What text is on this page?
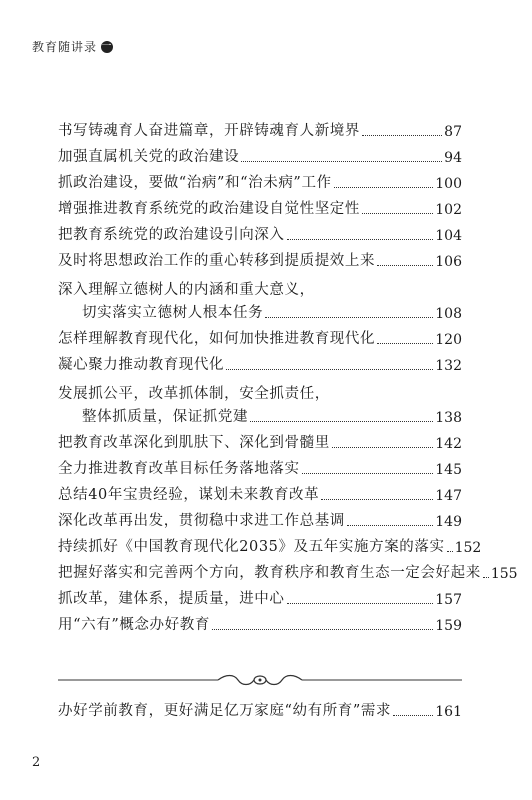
教育随讲录 一
书写铸魂育人奋进篇章，开辟铸魂育人新境界	87
加强直属机关党的政治建设	94
抓政治建设，要做“治病”和“治未病”工作	100
增强推进教育系统党的政治建设自觉性坚定性	102
把教育系统党的政治建设引向深入	104
及时将思想政治工作的重心转移到提质提效上来	106
深入理解立德树人的内涵和重大意义，
切实落实立德树人根本任务	108
怎样理解教育现代化，如何加快推进教育现代化	120
凝心聚力推动教育现代化	132
发展抓公平，改革抓体制，安全抓责任，
整体抓质量，保证抓党建	138
把教育改革深化到肌肤下、深化到骨髓里	142
全力推进教育改革目标任务落地落实	145
总结40年宝贵经验，谋划未来教育改革	147
深化改革再出发，贯彻稳中求进工作总基调	149
持续抓好《中国教育现代化2035》及五年实施方案的落实 152
把握好落实和完善两个方向，教育秩序和教育生态一定会好起来 155
抓改革，建体系，提质量，进中心	157
用“六有”概念办好教育	159
办好学前教育，更好满足亿万家庭“幼有所育”需求	161
2
